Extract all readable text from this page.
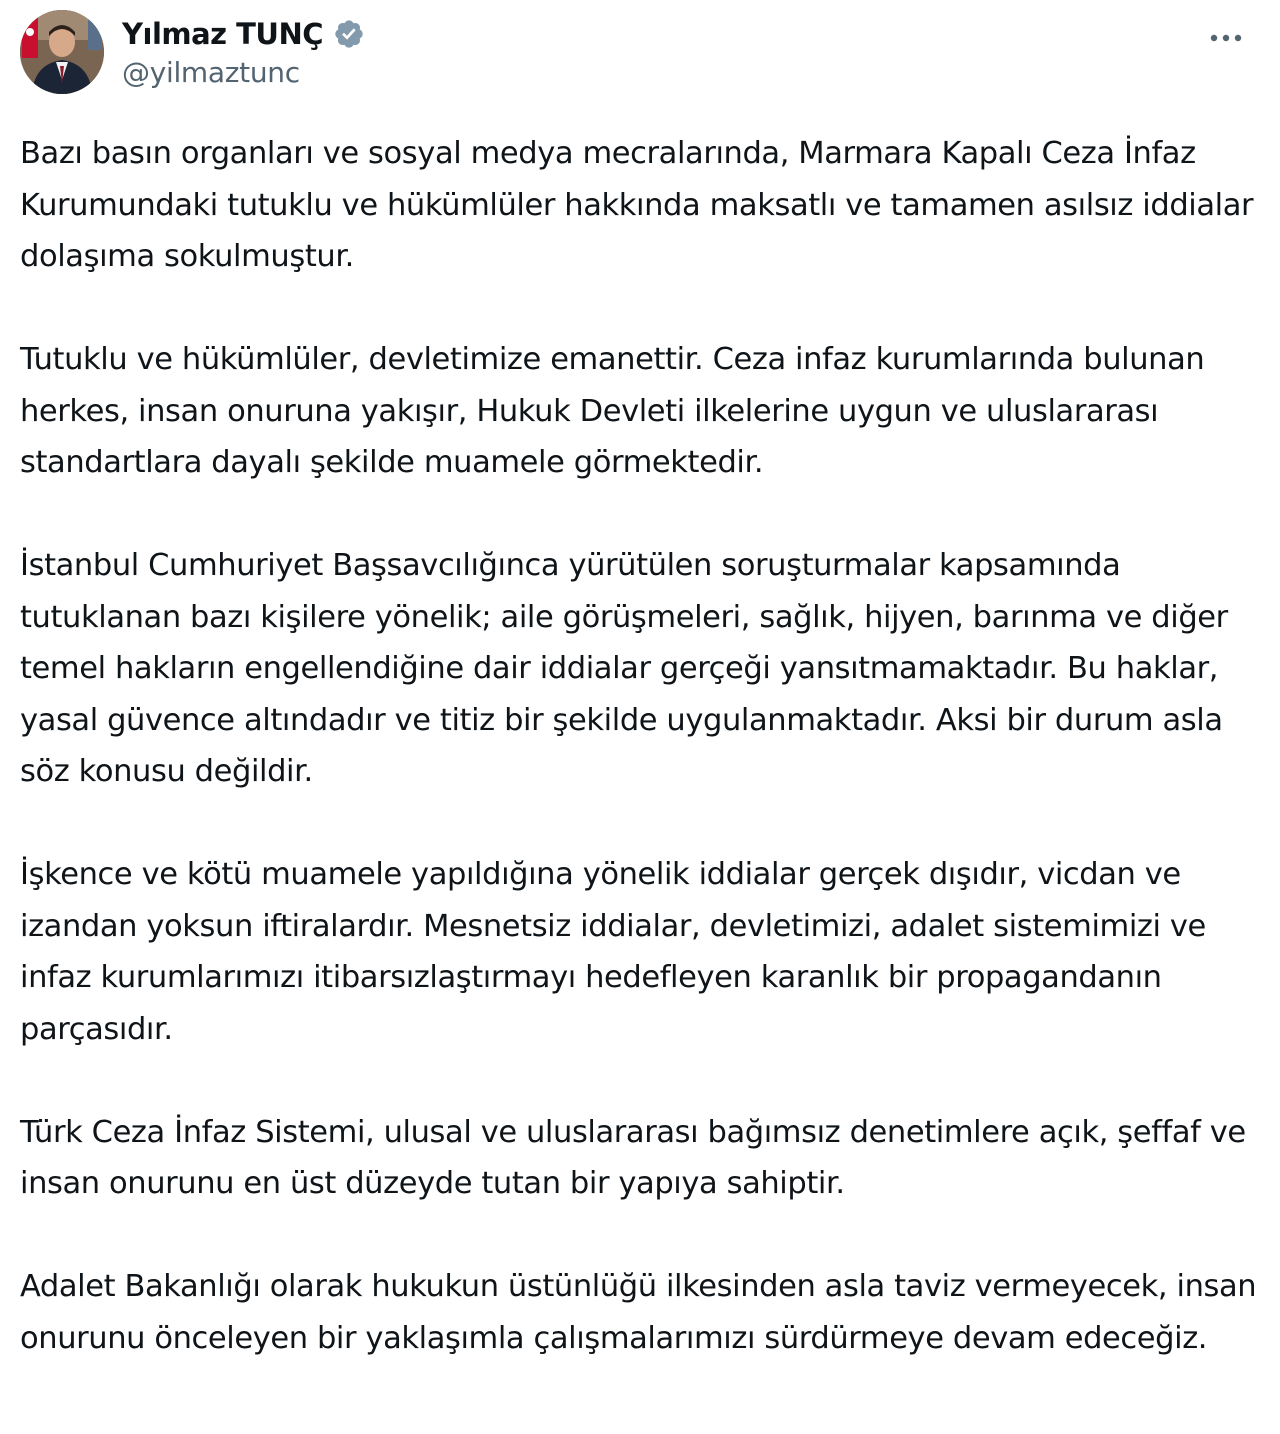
Yılmaz TUNÇ
@yilmaztunc

Bazı basın organları ve sosyal medya mecralarında, Marmara Kapalı Ceza İnfaz Kurumundaki tutuklu ve hükümlüler hakkında maksatlı ve tamamen asılsız iddialar dolaşıma sokulmuştur.

Tutuklu ve hükümlüler, devletimize emanettir. Ceza infaz kurumlarında bulunan herkes, insan onuruna yakışır, Hukuk Devleti ilkelerine uygun ve uluslararası standartlara dayalı şekilde muamele görmektedir.

İstanbul Cumhuriyet Başsavcılığınca yürütülen soruşturmalar kapsamında tutuklanan bazı kişilere yönelik; aile görüşmeleri, sağlık, hijyen, barınma ve diğer temel hakların engellendiğine dair iddialar gerçeği yansıtmamaktadır. Bu haklar, yasal güvence altındadır ve titiz bir şekilde uygulanmaktadır. Aksi bir durum asla söz konusu değildir.

İşkence ve kötü muamele yapıldığına yönelik iddialar gerçek dışıdır, vicdan ve izandan yoksun iftiralardır. Mesnetsiz iddialar, devletimizi, adalet sistemimizi ve infaz kurumlarımızı itibarsızlaştırmayı hedefleyen karanlık bir propagandanın parçasıdır.

Türk Ceza İnfaz Sistemi, ulusal ve uluslararası bağımsız denetimlere açık, şeffaf ve insan onurunu en üst düzeyde tutan bir yapıya sahiptir.

Adalet Bakanlığı olarak hukukun üstünlüğü ilkesinden asla taviz vermeyecek, insan onurunu önceleyen bir yaklaşımla çalışmalarımızı sürdürmeye devam edeceğiz.
